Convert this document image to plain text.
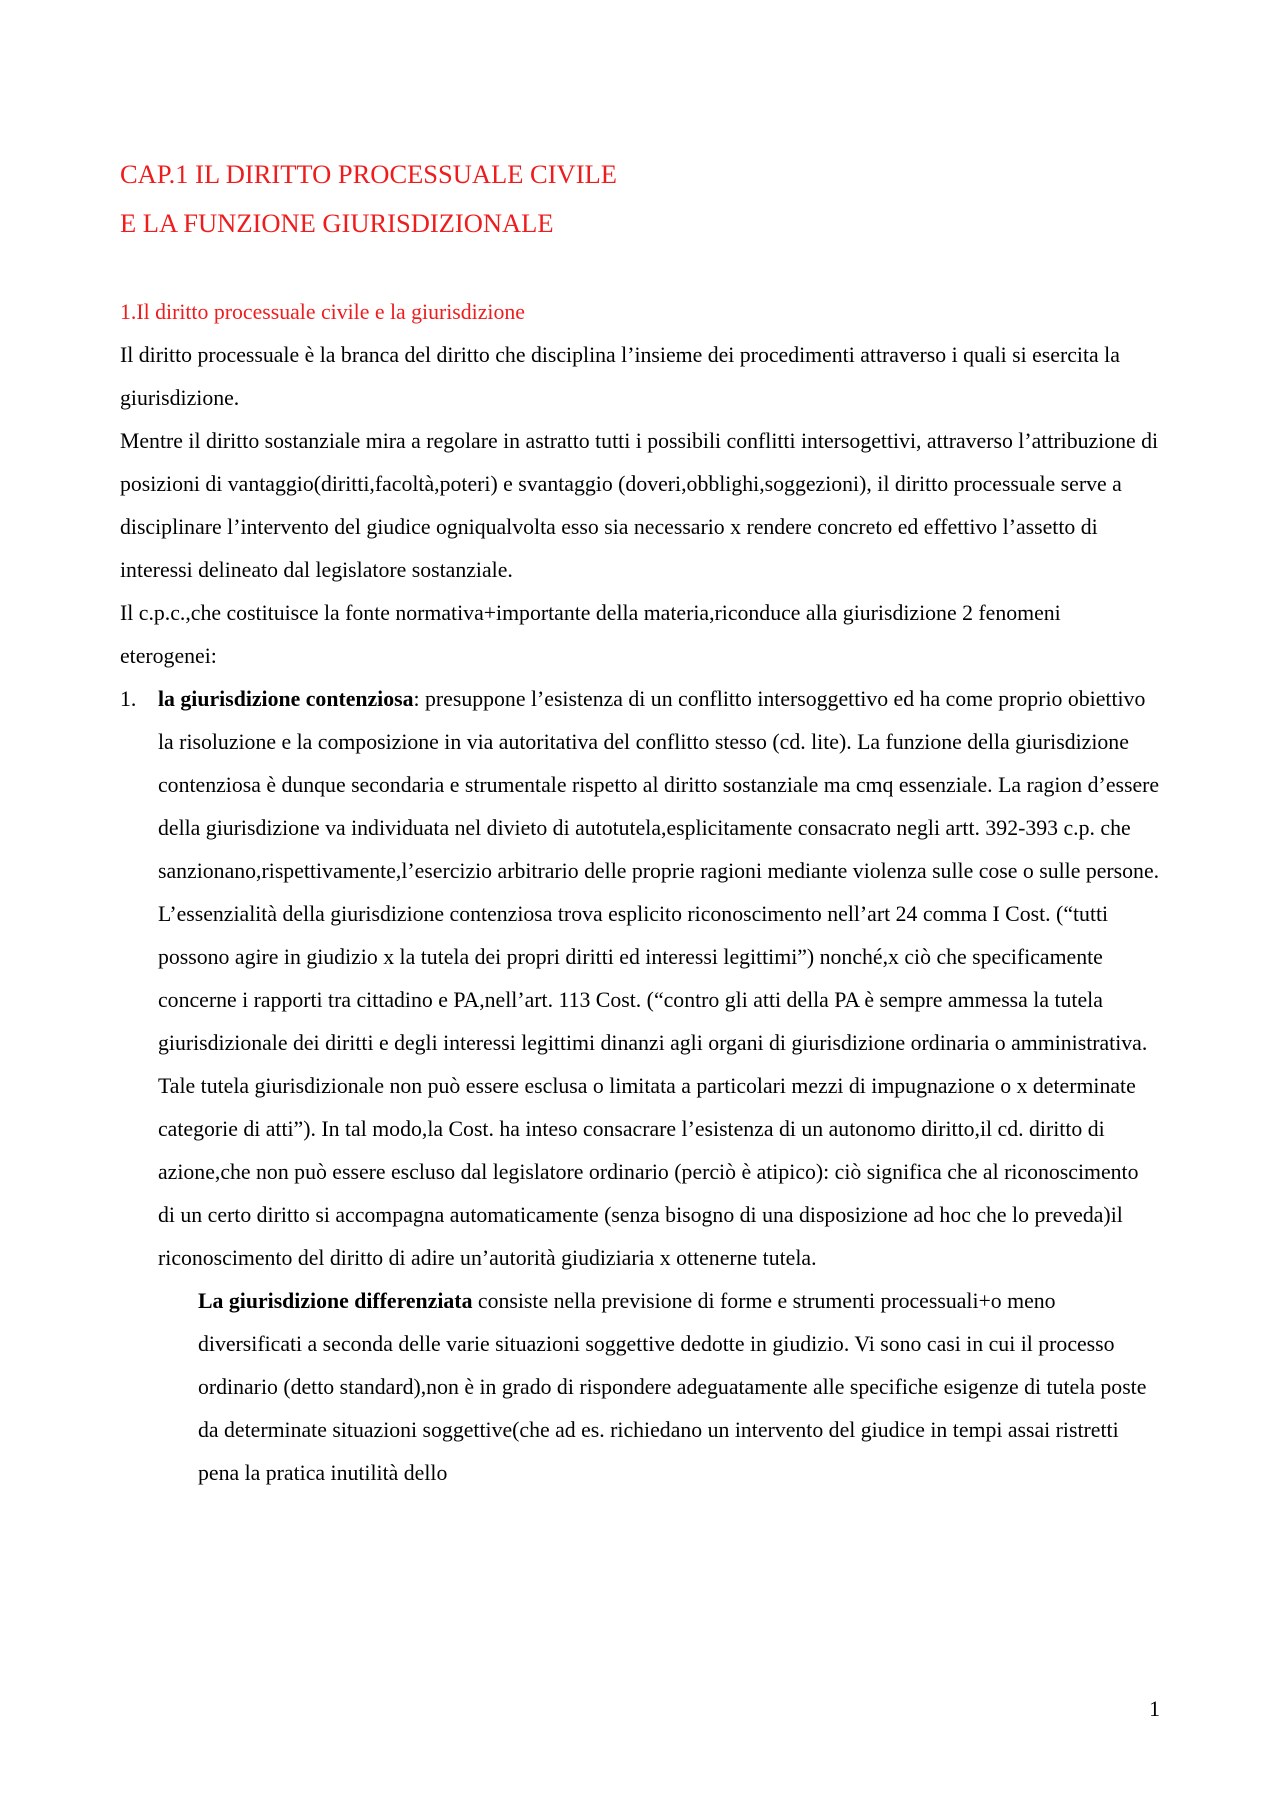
CAP.1 IL DIRITTO PROCESSUALE CIVILE
E LA FUNZIONE GIURISDIZIONALE
1.Il diritto processuale civile e la giurisdizione

Il diritto processuale è la branca del diritto che disciplina l’insieme dei procedimenti attraverso i quali si esercita la giurisdizione.

Mentre il diritto sostanziale mira a regolare in astratto tutti i possibili conflitti intersogettivi, attraverso l’attribuzione di posizioni di vantaggio(diritti,facoltà,poteri) e svantaggio (doveri,obblighi,soggezioni), il diritto processuale serve a disciplinare l’intervento del giudice ogniqualvolta esso sia necessario x rendere concreto ed effettivo l’assetto di interessi delineato dal legislatore sostanziale.

Il c.p.c.,che costituisce la fonte normativa+importante della materia,riconduce alla giurisdizione 2 fenomeni eterogenei:

1. la giurisdizione contenziosa: presuppone l’esistenza di un conflitto intersoggettivo ed ha come proprio obiettivo la risoluzione e la composizione in via autoritativa del conflitto stesso (cd. lite). La funzione della giurisdizione contenziosa è dunque secondaria e strumentale rispetto al diritto sostanziale ma cmq essenziale. La ragion d’essere della giurisdizione va individuata nel divieto di autotutela,esplicitamente consacrato negli artt. 392-393 c.p. che sanzionano,rispettivamente,l’esercizio arbitrario delle proprie ragioni mediante violenza sulle cose o sulle persone. L’essenzialità della giurisdizione contenziosa trova esplicito riconoscimento nell’art 24 comma I Cost. (“tutti possono agire in giudizio x la tutela dei propri diritti ed interessi legittimi”) nonché,x ciò che specificamente concerne i rapporti tra cittadino e PA,nell’art. 113 Cost. (“contro gli atti della PA è sempre ammessa la tutela giurisdizionale dei diritti e degli interessi legittimi dinanzi agli organi di giurisdizione ordinaria o amministrativa. Tale tutela giurisdizionale non può essere esclusa o limitata a particolari mezzi di impugnazione o x determinate categorie di atti”). In tal modo,la Cost. ha inteso consacrare l’esistenza di un autonomo diritto,il cd. diritto di azione,che non può essere escluso dal legislatore ordinario (perciò è atipico): ciò significa che al riconoscimento di un certo diritto si accompagna automaticamente (senza bisogno di una disposizione ad hoc che lo preveda)il riconoscimento del diritto di adire un’autorità giudiziaria x ottenerne tutela.

La giurisdizione differenziata consiste nella previsione di forme e strumenti processuali+o meno diversificati a seconda delle varie situazioni soggettive dedotte in giudizio. Vi sono casi in cui il processo ordinario (detto standard),non è in grado di rispondere adeguatamente alle specifiche esigenze di tutela poste da determinate situazioni soggettive(che ad es. richiedano un intervento del giudice in tempi assai ristretti pena la pratica inutilità dello

1
